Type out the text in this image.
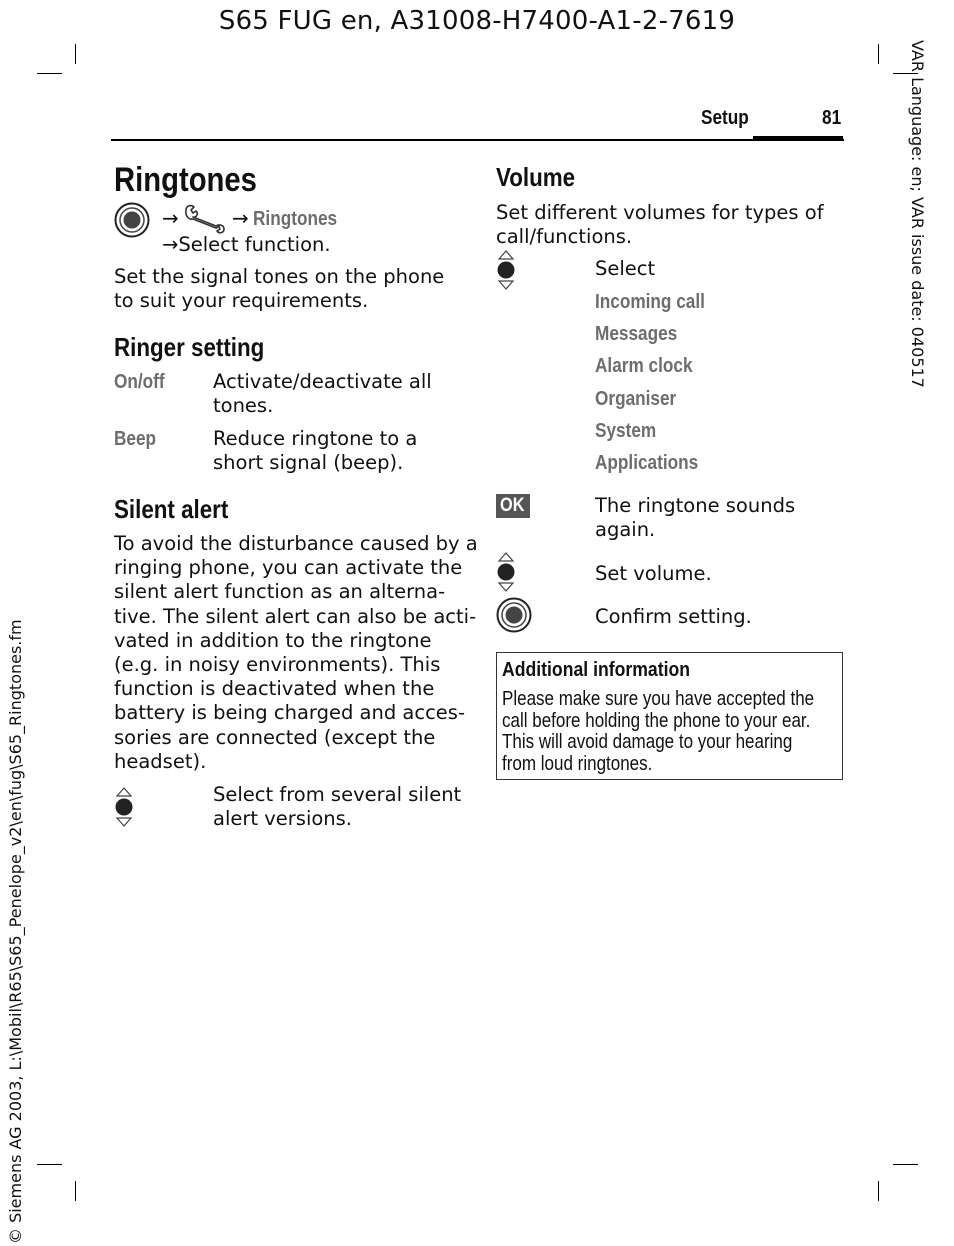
S65 FUG en, A31008-H7400-A1-2-7619
VAR Language: en; VAR issue date: 040517
© Siemens AG 2003, L:\Mobil\R65\S65_Penelope_v2\en\fug\S65_Ringtones.fm
Setup	81
Ringtones
→	→ Ringtones
→Select function.
Set the signal tones on the phone to suit your requirements.
Ringer setting
On/off Activate/deactivate all
tones.
Beep	Reduce ringtone to a
short signal (beep).
Silent alert
To avoid the disturbance caused by a
ringing phone, you can activate the
silent alert function as an alterna-
tive. The silent alert can also be acti-
vated in addition to the ringtone
(e.g. in noisy environments). This
function is deactivated when the
battery is being charged and acces-
sories are connected (except the
headset).
Select from several silent
alert versions.
Volume
Set different volumes for types of
call/functions.
Select
Incoming call
Messages
Alarm clock
Organiser
System
Applications
OK	The ringtone sounds
again.
Set volume.
Confirm setting.
Additional information
Please make sure you have accepted the call before holding the phone to your ear. This will avoid damage to your hearing from loud ringtones.
